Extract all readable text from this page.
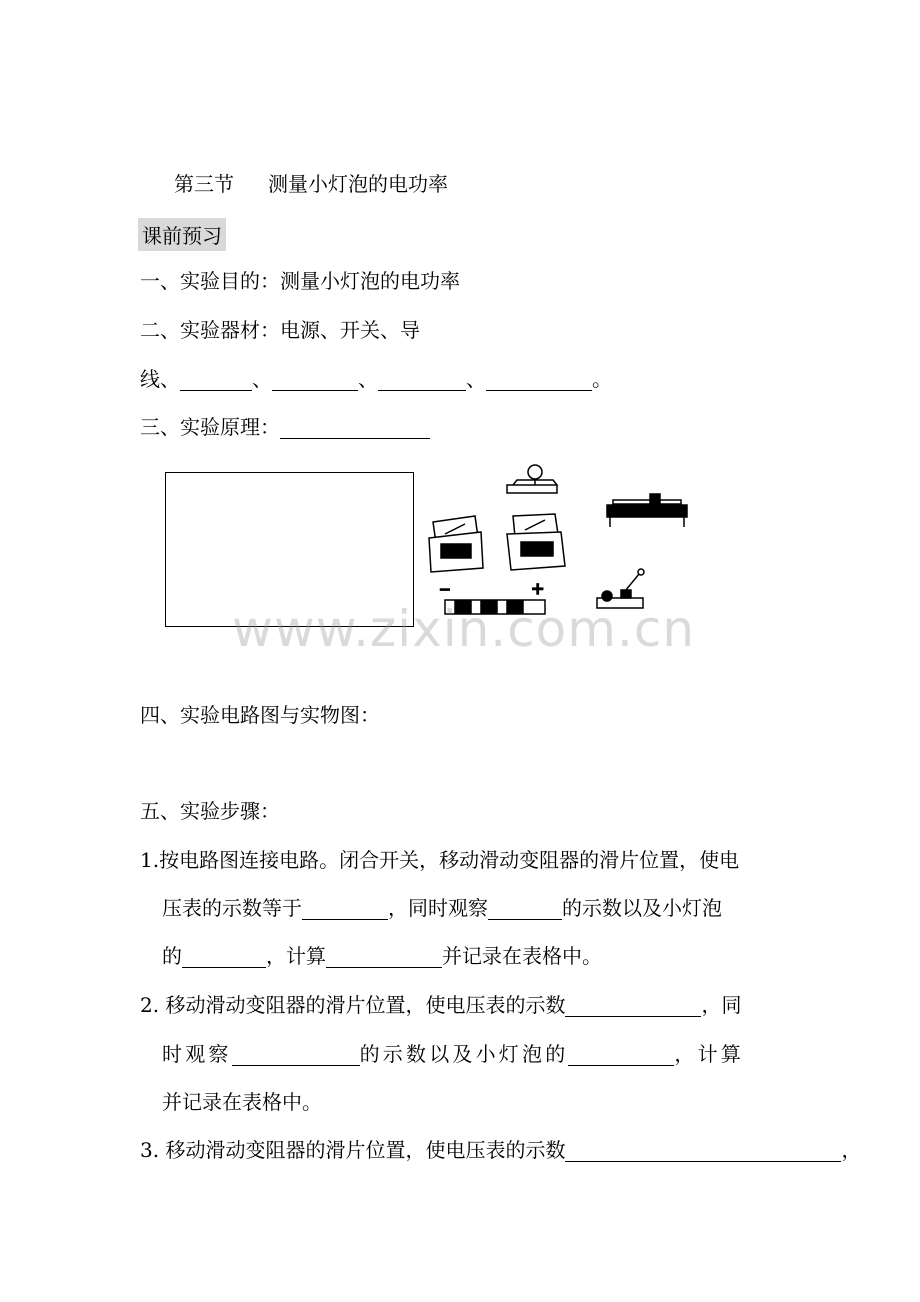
第三节 测量小灯泡的电功率
课前预习
一、实验目的：测量小灯泡的电功率
二、实验器材：电源、开关、导
线、	、	、	、	。
三、实验原理：
−	+
www.zixin.com.cn
四、实验电路图与实物图：
五、实验步骤：
1.按电路图连接电路。闭合开关，移动滑动变阻器的滑片位置，使电
压表的示数等于	，同时观察	的示数以及小灯泡
的	，计算	并记录在表格中。
2. 移动滑动变阻器的滑片位置，使电压表的示数	，同
时观察	的示数以及小灯泡的	，计算
并记录在表格中。
3. 移动滑动变阻器的滑片位置，使电压表的示数	，
